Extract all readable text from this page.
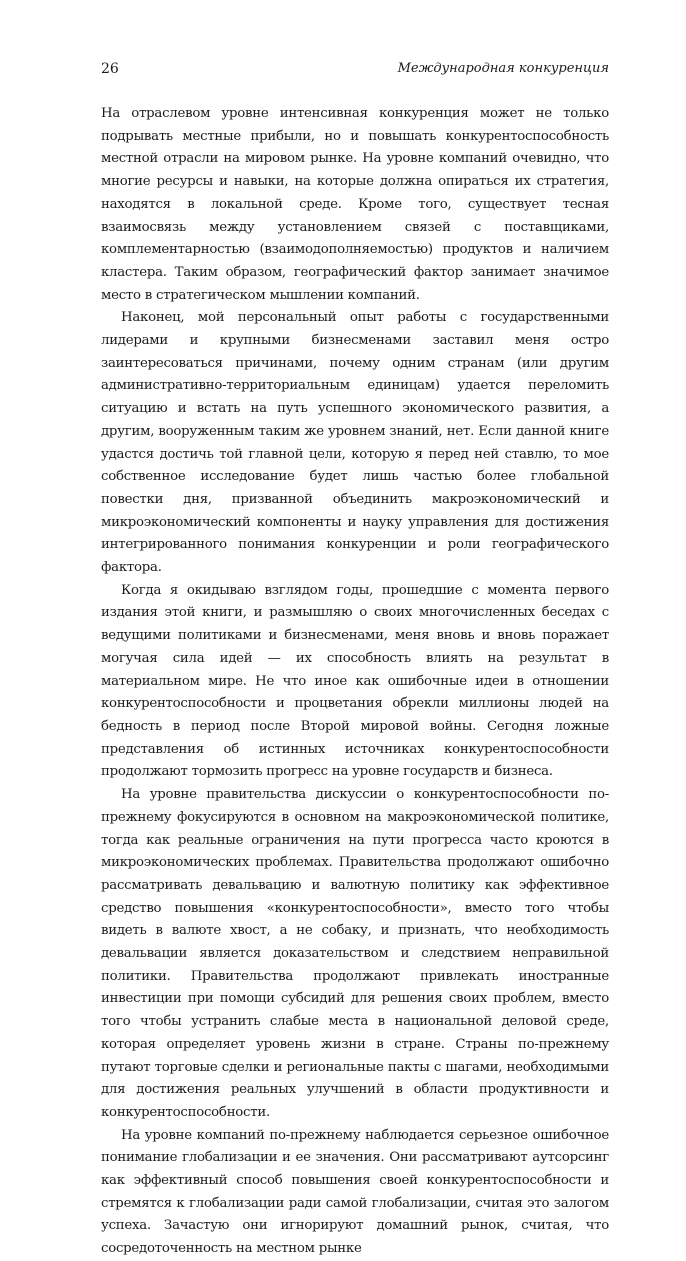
26	Международная конкуренция

На отраслевом уровне интенсивная конкуренция может не только подрывать местные прибыли, но и повышать конкурентоспособность местной отрасли на мировом рынке. На уровне компаний очевидно, что многие ресурсы и навыки, на которые должна опираться их стратегия, находятся в локальной среде. Кроме того, существует тесная взаимосвязь между установлением связей с поставщиками, комплементарностью (взаимодополняемостью) продуктов и наличием кластера. Таким образом, географический фактор занимает значимое место в стратегическом мышлении компаний.

Наконец, мой персональный опыт работы с государственными лидерами и крупными бизнесменами заставил меня остро заинтересоваться причинами, почему одним странам (или другим административно-территориальным единицам) удается переломить ситуацию и встать на путь успешного экономического развития, а другим, вооруженным таким же уровнем знаний, нет. Если данной книге удастся достичь той главной цели, которую я перед ней ставлю, то мое собственное исследование будет лишь частью более глобальной повестки дня, призванной объединить макроэкономический и микроэкономический компоненты и науку управления для достижения интегрированного понимания конкуренции и роли географического фактора.

Когда я окидываю взглядом годы, прошедшие с момента первого издания этой книги, и размышляю о своих многочисленных беседах с ведущими политиками и бизнесменами, меня вновь и вновь поражает могучая сила идей — их способность влиять на результат в материальном мире. Не что иное как ошибочные идеи в отношении конкурентоспособности и процветания обрекли миллионы людей на бедность в период после Второй мировой войны. Сегодня ложные представления об истинных источниках конкурентоспособности продолжают тормозить прогресс на уровне государств и бизнеса.

На уровне правительства дискуссии о конкурентоспособности по-прежнему фокусируются в основном на макроэкономической политике, тогда как реальные ограничения на пути прогресса часто кроются в микроэкономических проблемах. Правительства продолжают ошибочно рассматривать девальвацию и валютную политику как эффективное средство повышения «конкурентоспособности», вместо того чтобы видеть в валюте хвост, а не собаку, и признать, что необходимость девальвации является доказательством и следствием неправильной политики. Правительства продолжают привлекать иностранные инвестиции при помощи субсидий для решения своих проблем, вместо того чтобы устранить слабые места в национальной деловой среде, которая определяет уровень жизни в стране. Страны по-прежнему путают торговые сделки и региональные пакты с шагами, необходимыми для достижения реальных улучшений в области продуктивности и конкурентоспособности.

На уровне компаний по-прежнему наблюдается серьезное ошибочное понимание глобализации и ее значения. Они рассматривают аутсорсинг как эффективный способ повышения своей конкурентоспособности и стремятся к глобализации ради самой глобализации, считая это залогом успеха. Зачастую они игнорируют домашний рынок, считая, что сосредоточенность на местном рынке
